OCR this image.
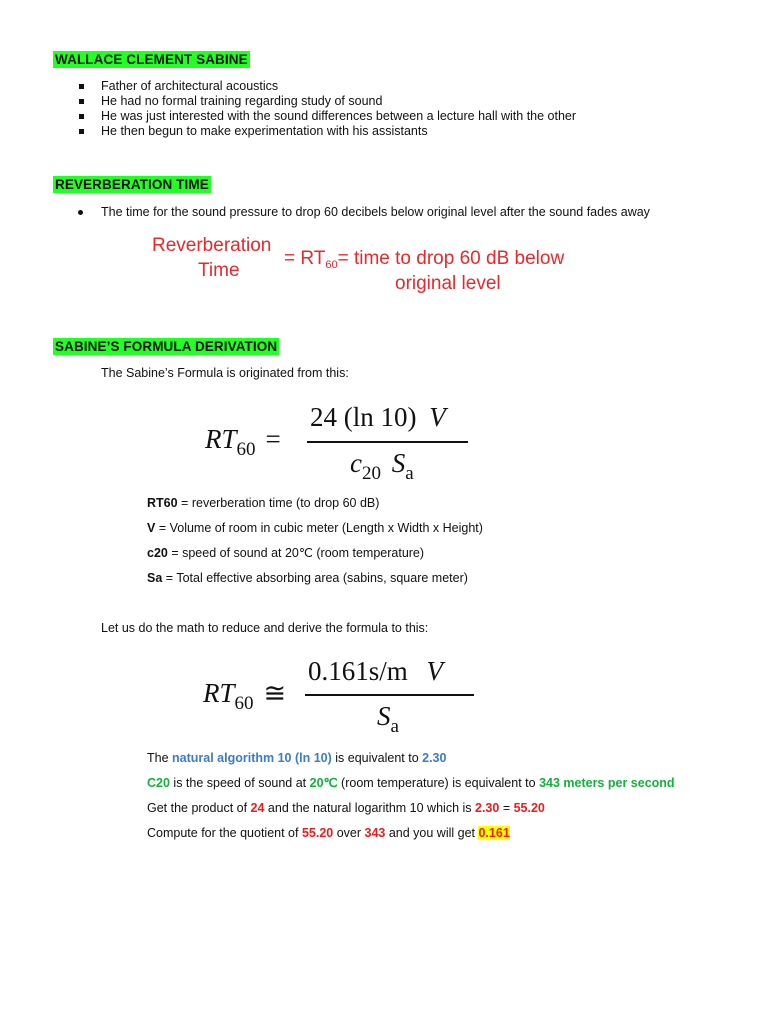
WALLACE CLEMENT SABINE
Father of architectural acoustics
He had no formal training regarding study of sound
He was just interested with the sound differences between a lecture hall with the other
He then begun to make experimentation with his assistants
REVERBERATION TIME
The time for the sound pressure to drop 60 decibels below original level after the sound fades away
Reverberation
Time
= $RT_{60}=$ time to drop 60 dB below
original level
SABINE’S FORMULA DERIVATION
The Sabine’s Formula is originated from this:
$RT_{60}$ =
24 (ln 10) V
$c_{20}$ $S_a$
RT60 = reverberation time (to drop 60 dB)
V = Volume of room in cubic meter (Length x Width x Height)
c20 = speed of sound at 20℃ (room temperature)
Sa = Total effective absorbing area (sabins, square meter)
Let us do the math to reduce and derive the formula to this:
$RT_{60}$ ≅
0.161s/m V
$S_a$
The natural algorithm 10 (ln 10) is equivalent to 2.30
C20 is the speed of sound at 20℃ (room temperature) is equivalent to 343 meters per second
Get the product of 24 and the natural logarithm 10 which is 2.30 = 55.20
Compute for the quotient of 55.20 over 343 and you will get 0.161
